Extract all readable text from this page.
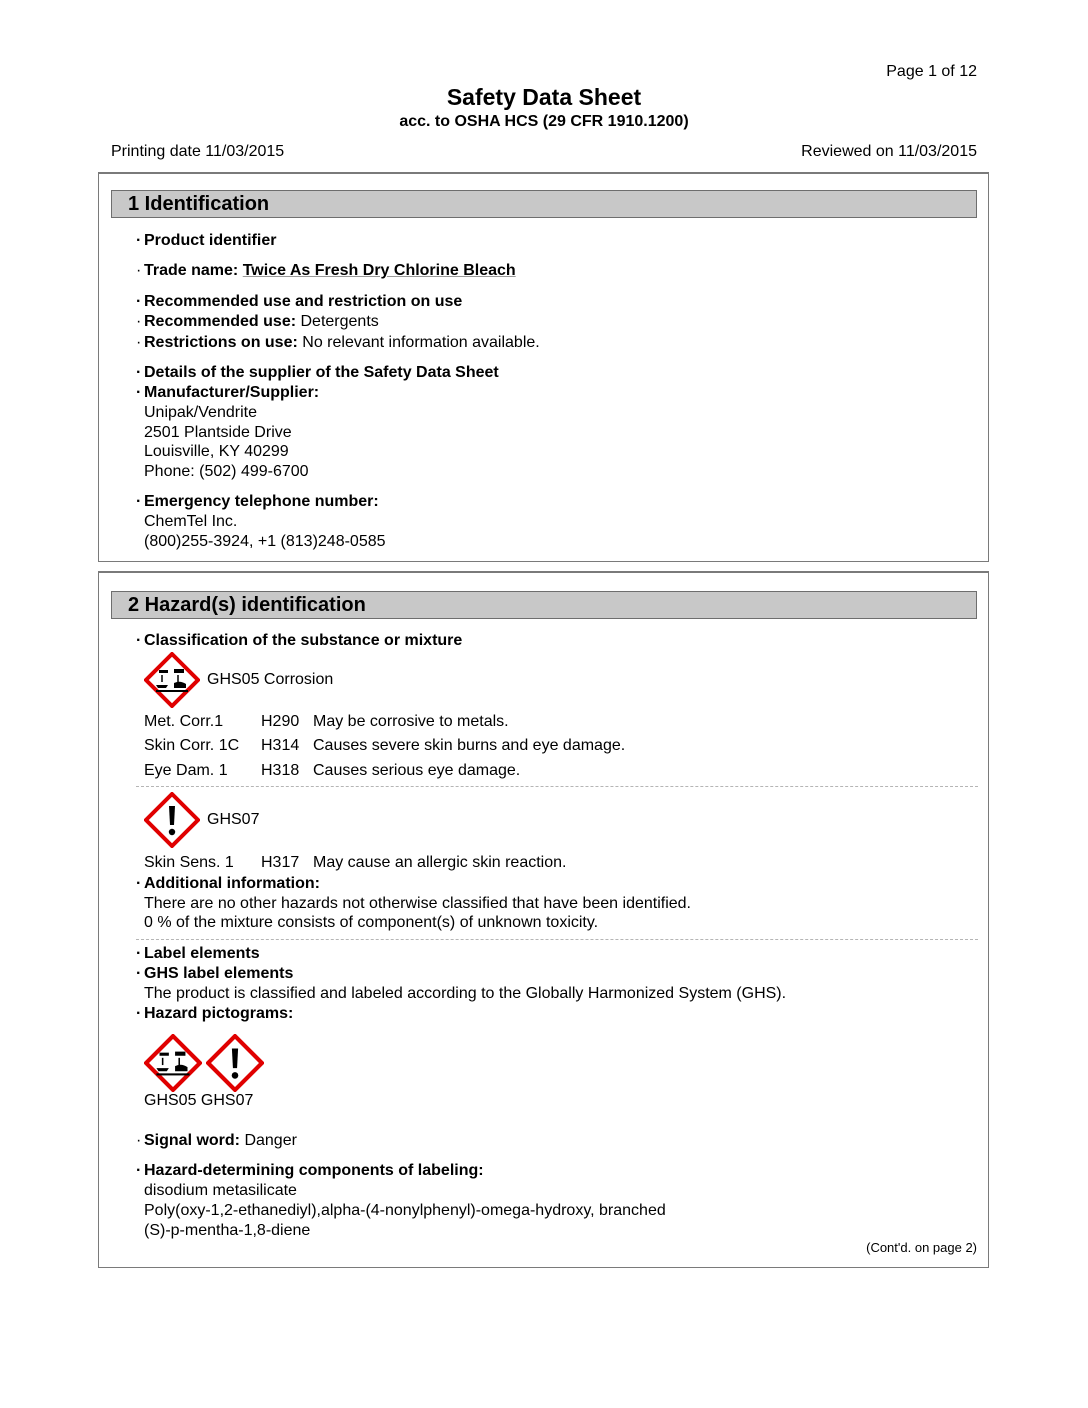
Page 1 of 12
Safety Data Sheet
acc. to OSHA HCS (29 CFR 1910.1200)
Printing date 11/03/2015	Reviewed on 11/03/2015
1 Identification
· Product identifier
· Trade name: Twice As Fresh Dry Chlorine Bleach
· Recommended use and restriction on use
· Recommended use: Detergents
· Restrictions on use: No relevant information available.
· Details of the supplier of the Safety Data Sheet
· Manufacturer/Supplier:
Unipak/Vendrite
2501 Plantside Drive
Louisville, KY 40299
Phone: (502) 499-6700
· Emergency telephone number:
ChemTel Inc.
(800)255-3924, +1 (813)248-0585
2 Hazard(s) identification
· Classification of the substance or mixture
GHS05 Corrosion
Met. Corr.1 H290 May be corrosive to metals.
Skin Corr. 1C H314 Causes severe skin burns and eye damage.
Eye Dam. 1 H318 Causes serious eye damage.
GHS07
Skin Sens. 1 H317 May cause an allergic skin reaction.
· Additional information:
There are no other hazards not otherwise classified that have been identified.
0 % of the mixture consists of component(s) of unknown toxicity.
· Label elements
· GHS label elements
The product is classified and labeled according to the Globally Harmonized System (GHS).
· Hazard pictograms:
GHS05 GHS07
· Signal word: Danger
· Hazard-determining components of labeling:
disodium metasilicate
Poly(oxy-1,2-ethanediyl),alpha-(4-nonylphenyl)-omega-hydroxy, branched
(S)-p-mentha-1,8-diene
(Cont'd. on page 2)
